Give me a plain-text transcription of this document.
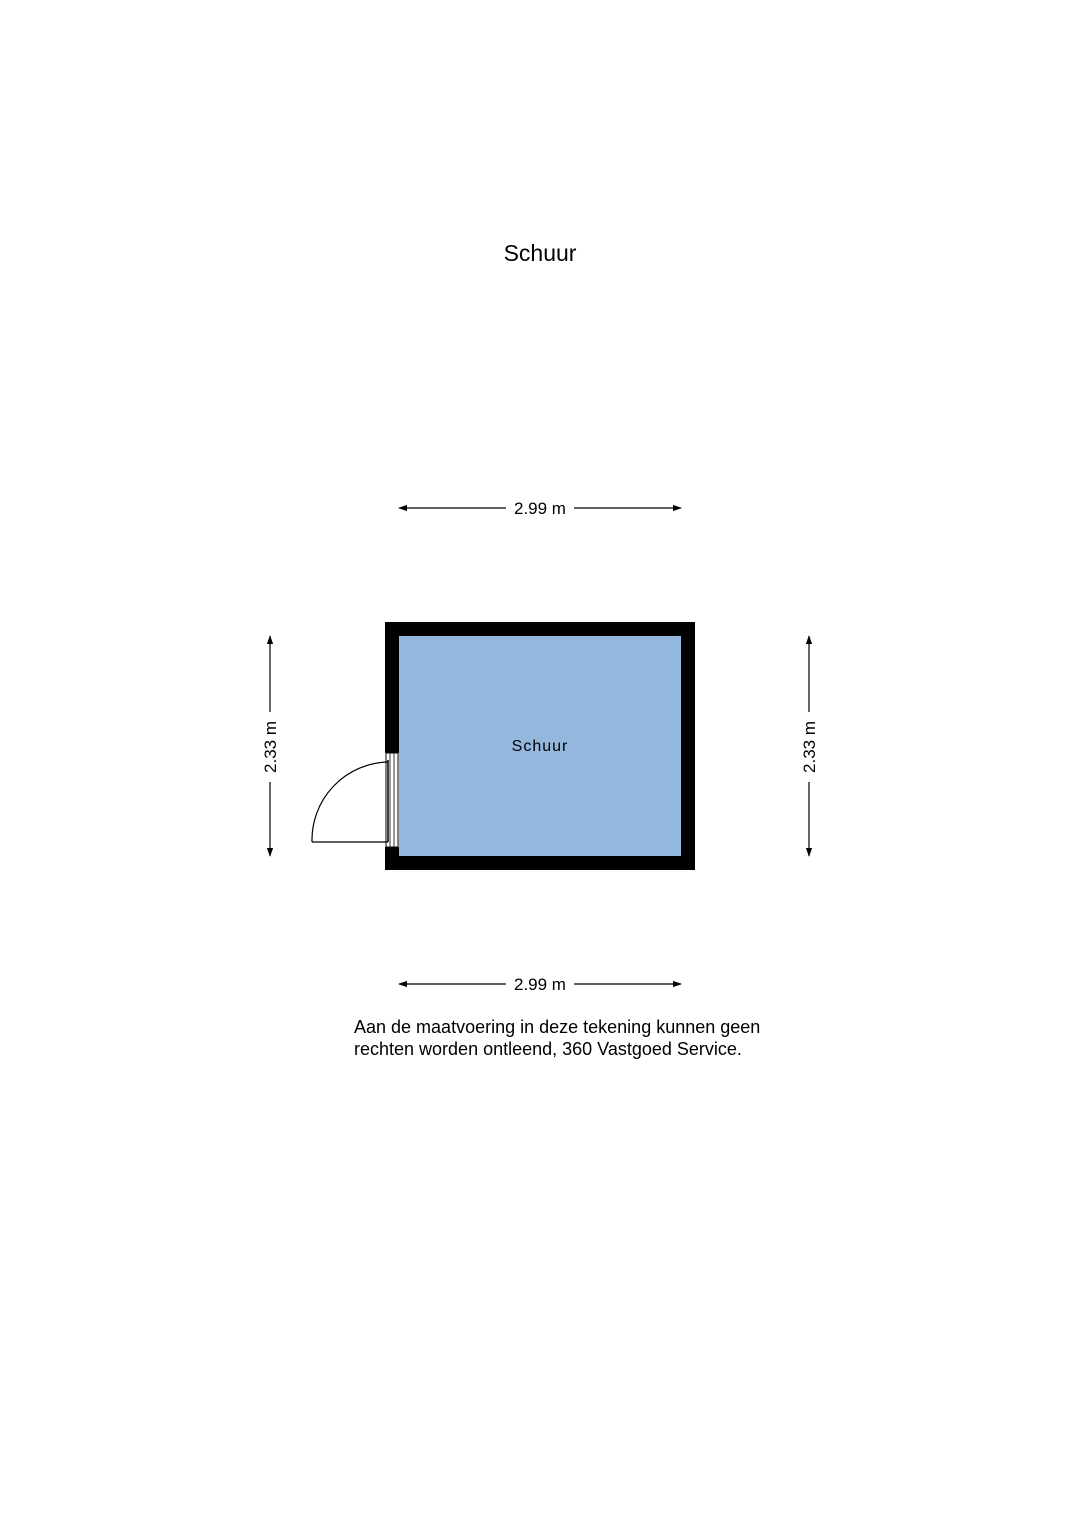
Schuur
2.99 m
2.99 m
2.33 m	2.33 m
Schuur
Aan de maatvoering in deze tekening kunnen geen
rechten worden ontleend, 360 Vastgoed Service.
